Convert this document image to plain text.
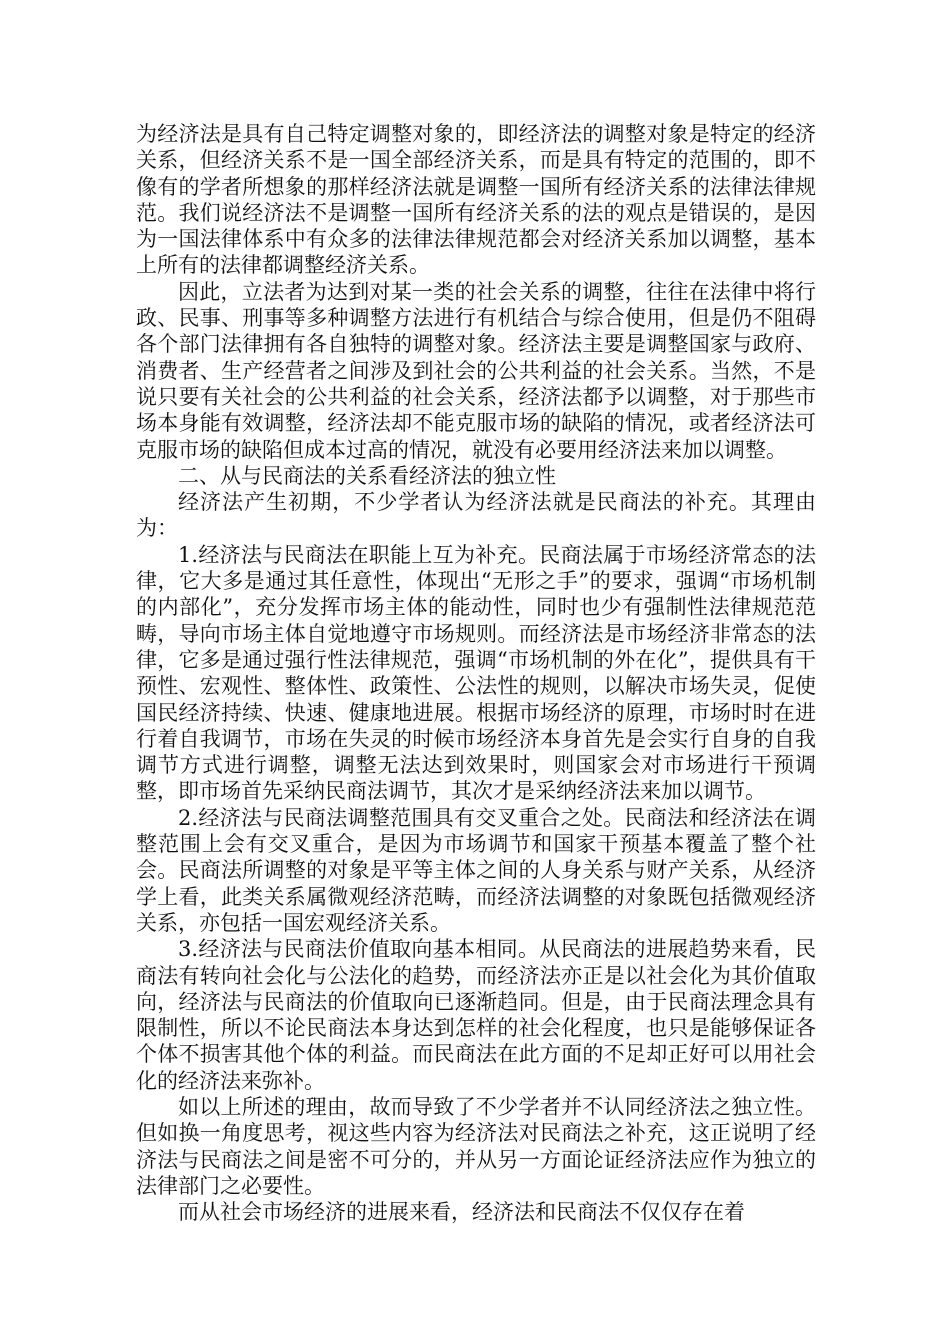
为经济法是具有自己特定调整对象的，即经济法的调整对象是特定的经济关系，但经济关系不是一国全部经济关系，而是具有特定的范围的，即不像有的学者所想象的那样经济法就是调整一国所有经济关系的法律法律规范。我们说经济法不是调整一国所有经济关系的法的观点是错误的，是因为一国法律体系中有众多的法律法律规范都会对经济关系加以调整，基本上所有的法律都调整经济关系。

因此，立法者为达到对某一类的社会关系的调整，往往在法律中将行政、民事、刑事等多种调整方法进行有机结合与综合使用，但是仍不阻碍各个部门法律拥有各自独特的调整对象。经济法主要是调整国家与政府、消费者、生产经营者之间涉及到社会的公共利益的社会关系。当然，不是说只要有关社会的公共利益的社会关系，经济法都予以调整，对于那些市场本身能有效调整，经济法却不能克服市场的缺陷的情况，或者经济法可克服市场的缺陷但成本过高的情况，就没有必要用经济法来加以调整。

二、从与民商法的关系看经济法的独立性

经济法产生初期，不少学者认为经济法就是民商法的补充。其理由为：

1.经济法与民商法在职能上互为补充。民商法属于市场经济常态的法律，它大多是通过其任意性，体现出“无形之手”的要求，强调“市场机制的内部化”，充分发挥市场主体的能动性，同时也少有强制性法律规范范畴，导向市场主体自觉地遵守市场规则。而经济法是市场经济非常态的法律，它多是通过强行性法律规范，强调“市场机制的外在化”，提供具有干预性、宏观性、整体性、政策性、公法性的规则，以解决市场失灵，促使国民经济持续、快速、健康地进展。根据市场经济的原理，市场时时在进行着自我调节，市场在失灵的时候市场经济本身首先是会实行自身的自我调节方式进行调整，调整无法达到效果时，则国家会对市场进行干预调整，即市场首先采纳民商法调节，其次才是采纳经济法来加以调节。

2.经济法与民商法调整范围具有交叉重合之处。民商法和经济法在调整范围上会有交叉重合，是因为市场调节和国家干预基本覆盖了整个社会。民商法所调整的对象是平等主体之间的人身关系与财产关系，从经济学上看，此类关系属微观经济范畴，而经济法调整的对象既包括微观经济关系，亦包括一国宏观经济关系。

3.经济法与民商法价值取向基本相同。从民商法的进展趋势来看，民商法有转向社会化与公法化的趋势，而经济法亦正是以社会化为其价值取向，经济法与民商法的价值取向已逐渐趋同。但是，由于民商法理念具有限制性，所以不论民商法本身达到怎样的社会化程度，也只是能够保证各个体不损害其他个体的利益。而民商法在此方面的不足却正好可以用社会化的经济法来弥补。

如以上所述的理由，故而导致了不少学者并不认同经济法之独立性。但如换一角度思考，视这些内容为经济法对民商法之补充，这正说明了经济法与民商法之间是密不可分的，并从另一方面论证经济法应作为独立的法律部门之必要性。

而从社会市场经济的进展来看，经济法和民商法不仅仅存在着
